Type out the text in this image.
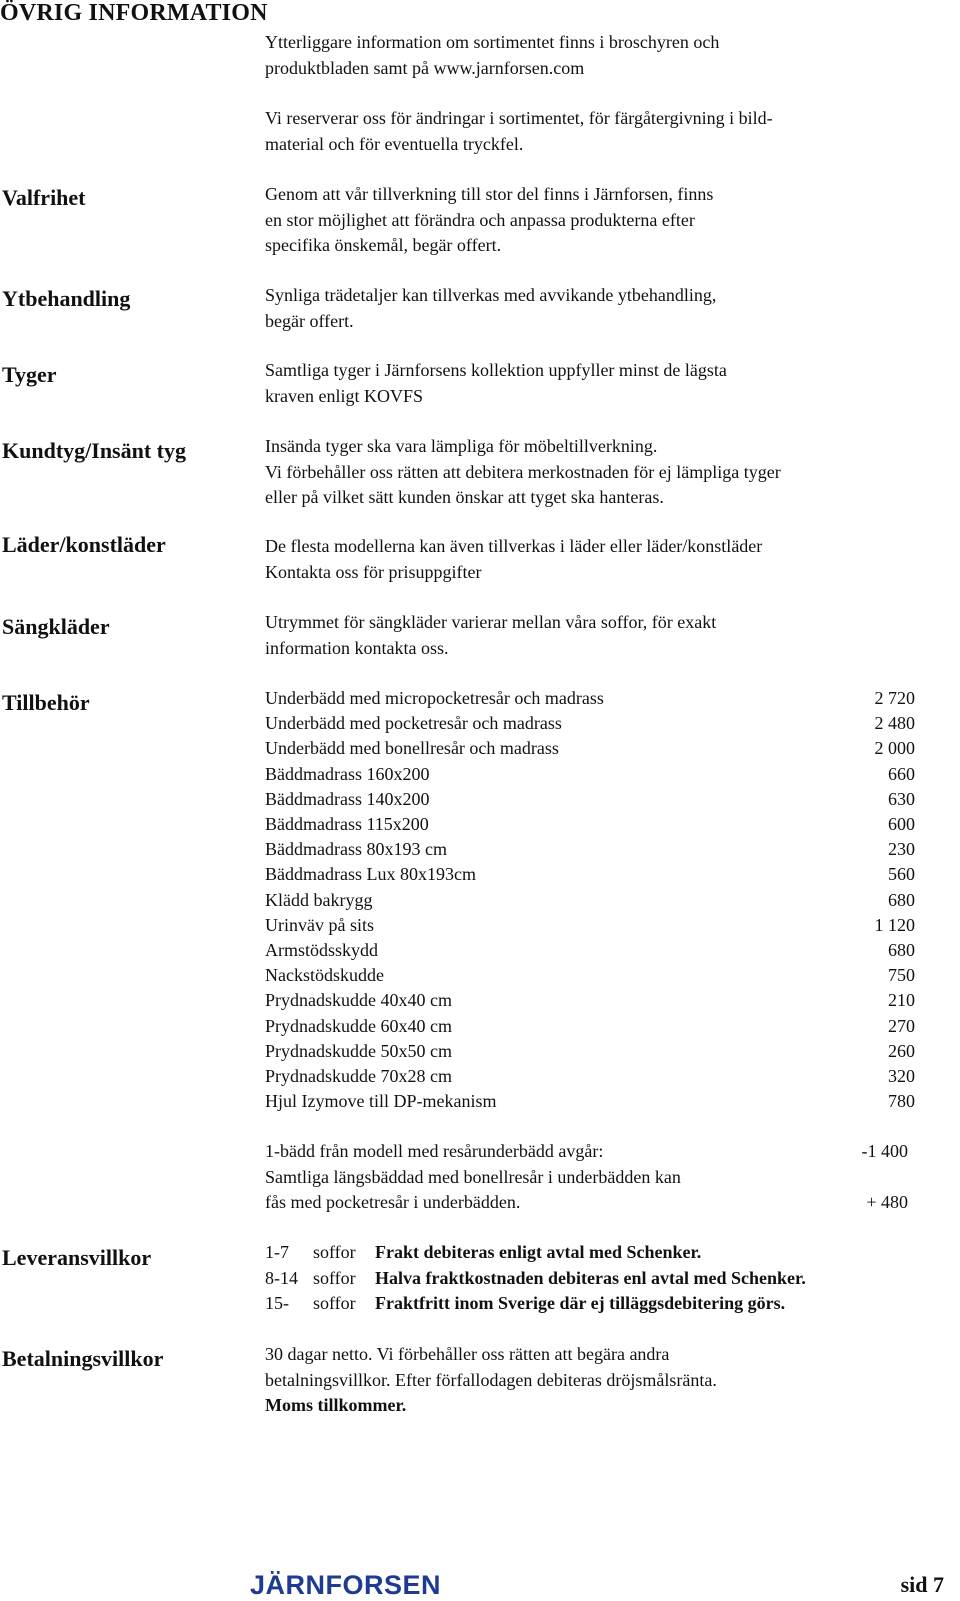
ÖVRIG INFORMATION
Ytterliggare information om sortimentet finns i broschyren och
produktbladen samt på www.jarnforsen.com
Vi reserverar oss för ändringar i sortimentet, för färgåtergivning i bild-
material och för eventuella tryckfel.
Valfrihet	Genom att vår tillverkning till stor del finns i Järnforsen, finns
en stor möjlighet att förändra och anpassa produkterna efter
specifika önskemål, begär offert.
Ytbehandling	Synliga trädetaljer kan tillverkas med avvikande ytbehandling,
begär offert.
Tyger	Samtliga tyger i Järnforsens kollektion uppfyller minst de lägsta
kraven enligt KOVFS
Kundtyg/Insänt tyg	Insända tyger ska vara lämpliga för möbeltillverkning.
Vi förbehåller oss rätten att debitera merkostnaden för ej lämpliga tyger
eller på vilket sätt kunden önskar att tyget ska hanteras.
Läder/konstläder	De flesta modellerna kan även tillverkas i läder eller läder/konstläder
Kontakta oss för prisuppgifter
Sängkläder	Utrymmet för sängkläder varierar mellan våra soffor, för exakt
information kontakta oss.
Tillbehör	Underbädd med micropocketresår och madrass	2 720
Underbädd med pocketresår och madrass	2 480
Underbädd med bonellresår och madrass	2 000
Bäddmadrass 160x200	660
Bäddmadrass 140x200	630
Bäddmadrass 115x200	600
Bäddmadrass 80x193 cm	230
Bäddmadrass Lux 80x193cm	560
Klädd bakrygg	680
Urinväv på sits	1 120
Armstödsskydd	680
Nackstödskudde	750
Prydnadskudde 40x40 cm	210
Prydnadskudde 60x40 cm	270
Prydnadskudde 50x50 cm	260
Prydnadskudde 70x28 cm	320
Hjul Izymove till DP-mekanism	780
1-bädd från modell med resårunderbädd avgår:	-1 400
Samtliga längsbäddad med bonellresår i underbädden kan
fås med pocketresår i underbädden.	+ 480
Leveransvillkor	1-7 soffor Frakt debiteras enligt avtal med Schenker.
8-14 soffor Halva fraktkostnaden debiteras enl avtal med Schenker.
15- soffor Fraktfritt inom Sverige där ej tilläggsdebitering görs.
Betalningsvillkor	30 dagar netto. Vi förbehåller oss rätten att begära andra
betalningsvillkor. Efter förfallodagen debiteras dröjsmålsränta.
Moms tillkommer.
JÄRNFORSEN	sid 7
